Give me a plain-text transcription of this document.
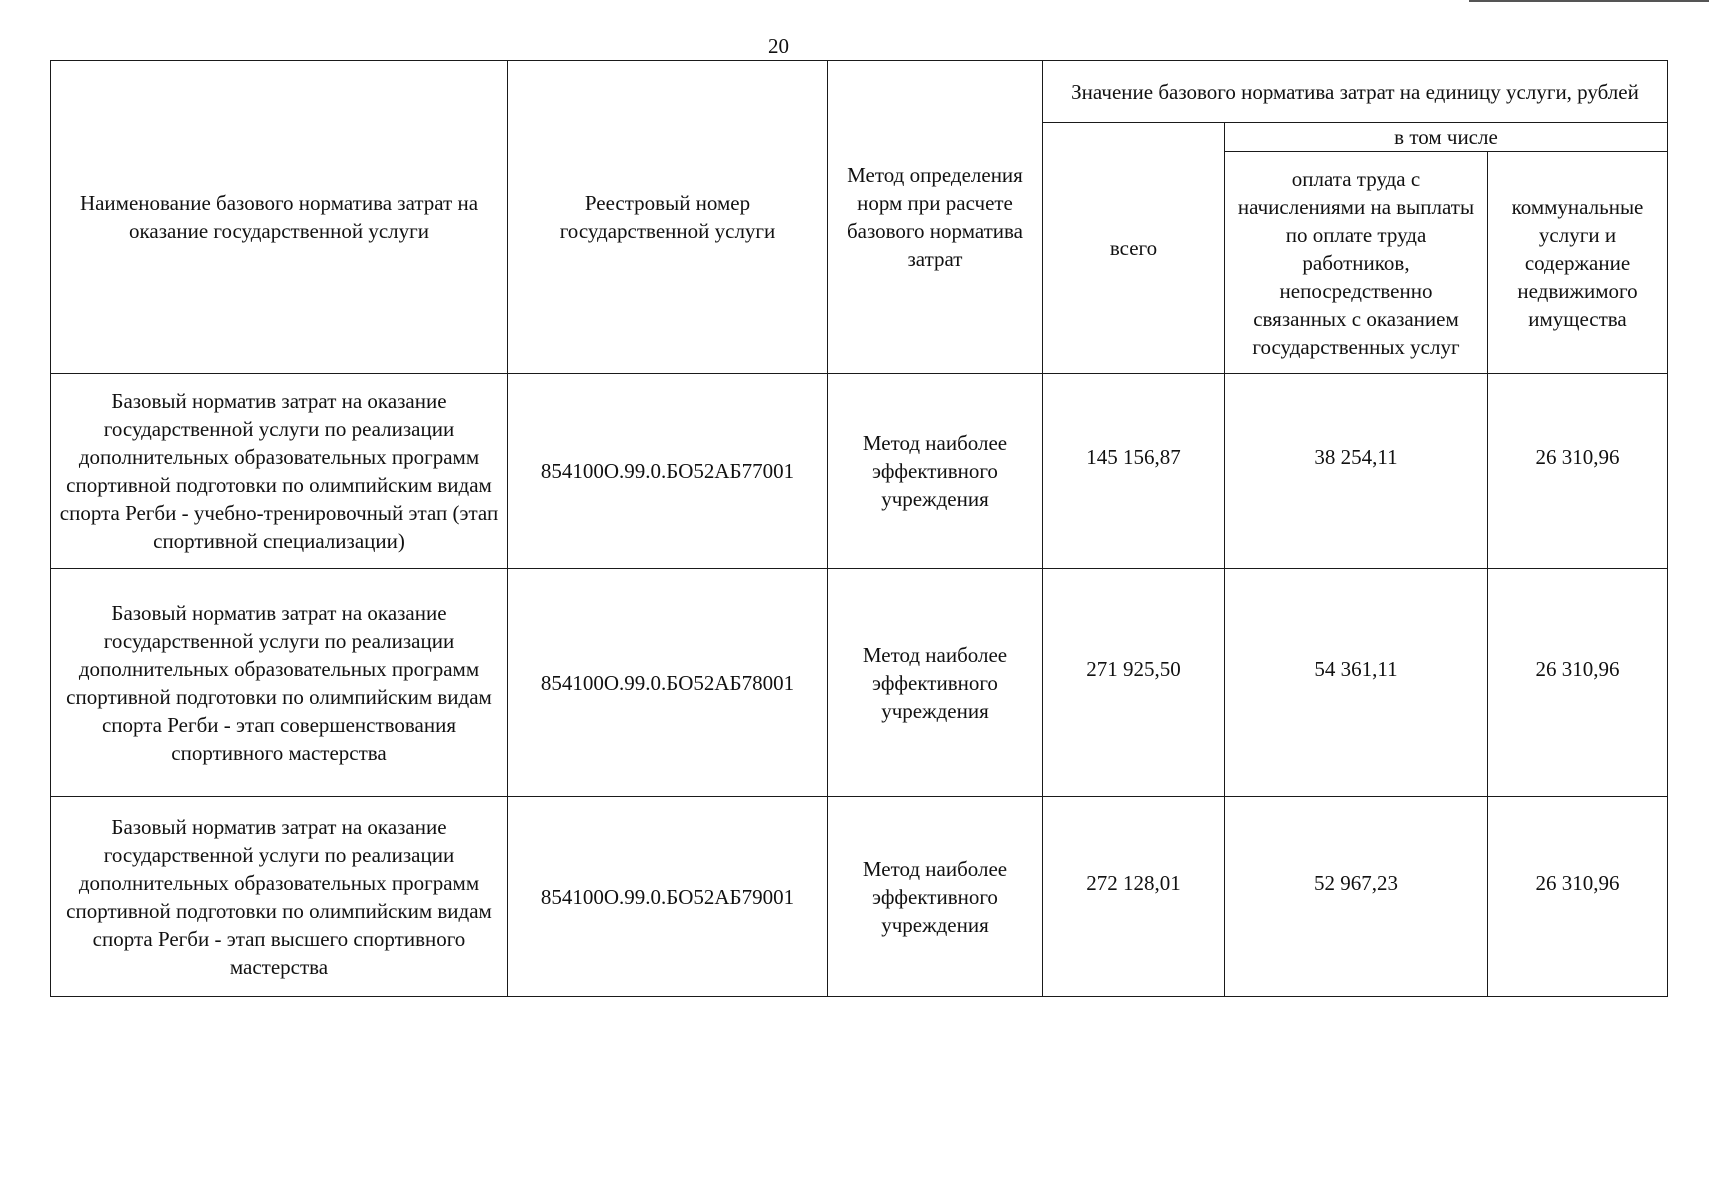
20
Наименование базового норматива затрат на оказание государственной услуги	Реестровый номер государственной услуги	Метод определения норм при расчете базового норматива затрат	Значение базового норматива затрат на единицу услуги, рублей		
			всего	в том числе	
				оплата труда с начислениями на выплаты по оплате труда работников, непосредственно связанных с оказанием государственных услуг	коммунальные услуги и содержание недвижимого имущества
Базовый норматив затрат на оказание государственной услуги по реализации дополнительных образовательных программ спортивной подготовки по олимпийским видам спорта Регби - учебно-тренировочный этап (этап спортивной специализации)	854100О.99.0.БО52АБ77001	Метод наиболее эффективного учреждения	145 156,87	38 254,11	26 310,96
Базовый норматив затрат на оказание государственной услуги по реализации дополнительных образовательных программ спортивной подготовки по олимпийским видам спорта Регби - этап совершенствования спортивного мастерства	854100О.99.0.БО52АБ78001	Метод наиболее эффективного учреждения	271 925,50	54 361,11	26 310,96
Базовый норматив затрат на оказание государственной услуги по реализации дополнительных образовательных программ спортивной подготовки по олимпийским видам спорта Регби - этап высшего спортивного мастерства	854100О.99.0.БО52АБ79001	Метод наиболее эффективного учреждения	272 128,01	52 967,23	26 310,96
